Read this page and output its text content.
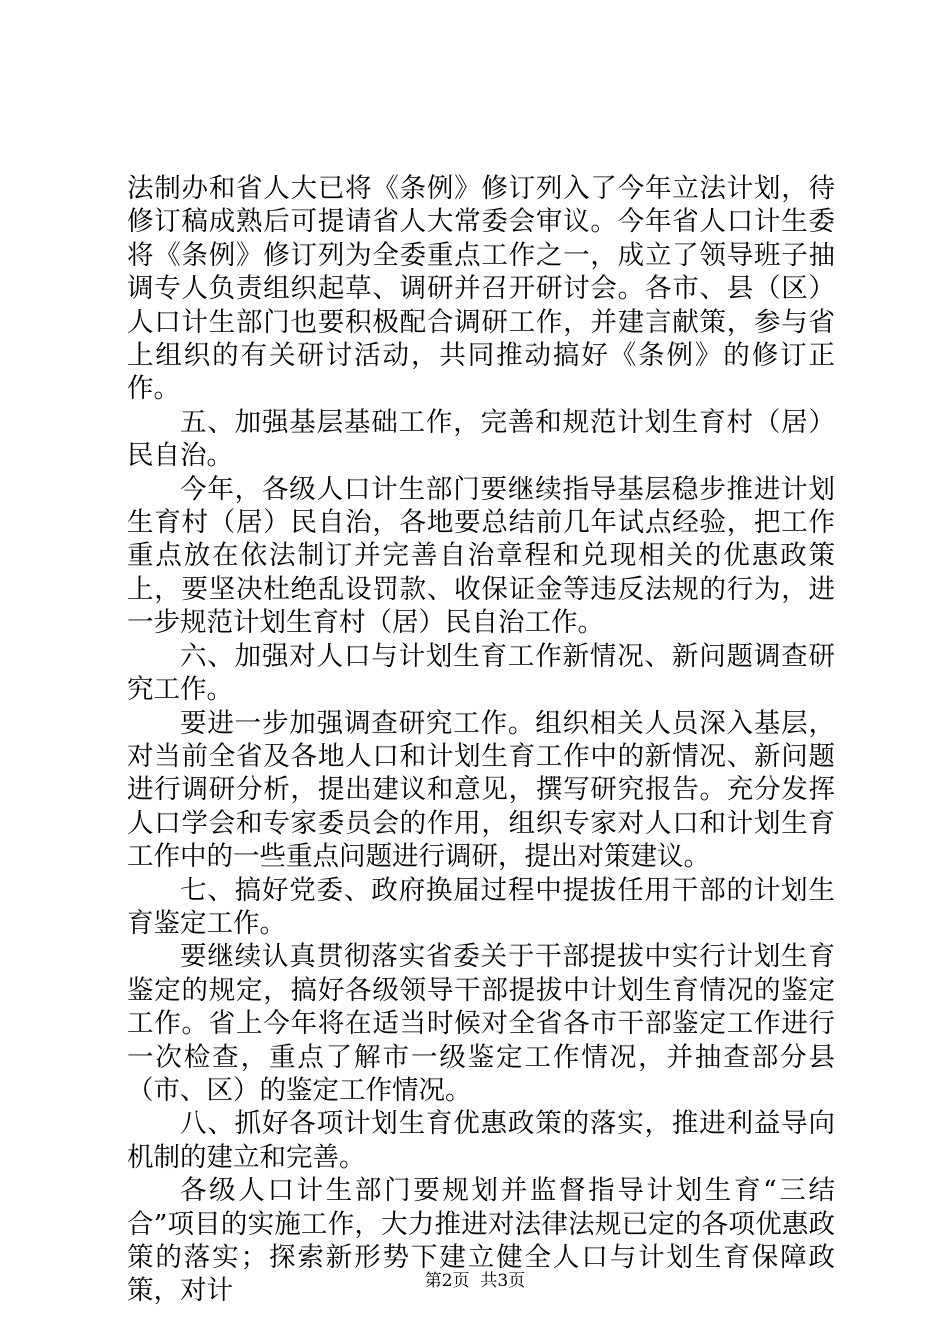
法制办和省人大已将《条例》修订列入了今年立法计划，待修订稿成熟后可提请省人大常委会审议。今年省人口计生委将《条例》修订列为全委重点工作之一，成立了领导班子抽调专人负责组织起草、调研并召开研讨会。各市、县（区）人口计生部门也要积极配合调研工作，并建言献策，参与省上组织的有关研讨活动，共同推动搞好《条例》的修订正作。

五、加强基层基础工作，完善和规范计划生育村（居）民自治。

今年，各级人口计生部门要继续指导基层稳步推进计划生育村（居）民自治，各地要总结前几年试点经验，把工作重点放在依法制订并完善自治章程和兑现相关的优惠政策上，要坚决杜绝乱设罚款、收保证金等违反法规的行为，进一步规范计划生育村（居）民自治工作。

六、加强对人口与计划生育工作新情况、新问题调查研究工作。

要进一步加强调查研究工作。组织相关人员深入基层，对当前全省及各地人口和计划生育工作中的新情况、新问题进行调研分析，提出建议和意见，撰写研究报告。充分发挥人口学会和专家委员会的作用，组织专家对人口和计划生育工作中的一些重点问题进行调研，提出对策建议。

七、搞好党委、政府换届过程中提拔任用干部的计划生育鉴定工作。

要继续认真贯彻落实省委关于干部提拔中实行计划生育鉴定的规定，搞好各级领导干部提拔中计划生育情况的鉴定工作。省上今年将在适当时候对全省各市干部鉴定工作进行一次检查，重点了解市一级鉴定工作情况，并抽查部分县（市、区）的鉴定工作情况。

八、抓好各项计划生育优惠政策的落实，推进利益导向机制的建立和完善。

各级人口计生部门要规划并监督指导计划生育“三结合”项目的实施工作，大力推进对法律法规已定的各项优惠政策的落实；探索新形势下建立健全人口与计划生育保障政策，对计	第2页  共3页
